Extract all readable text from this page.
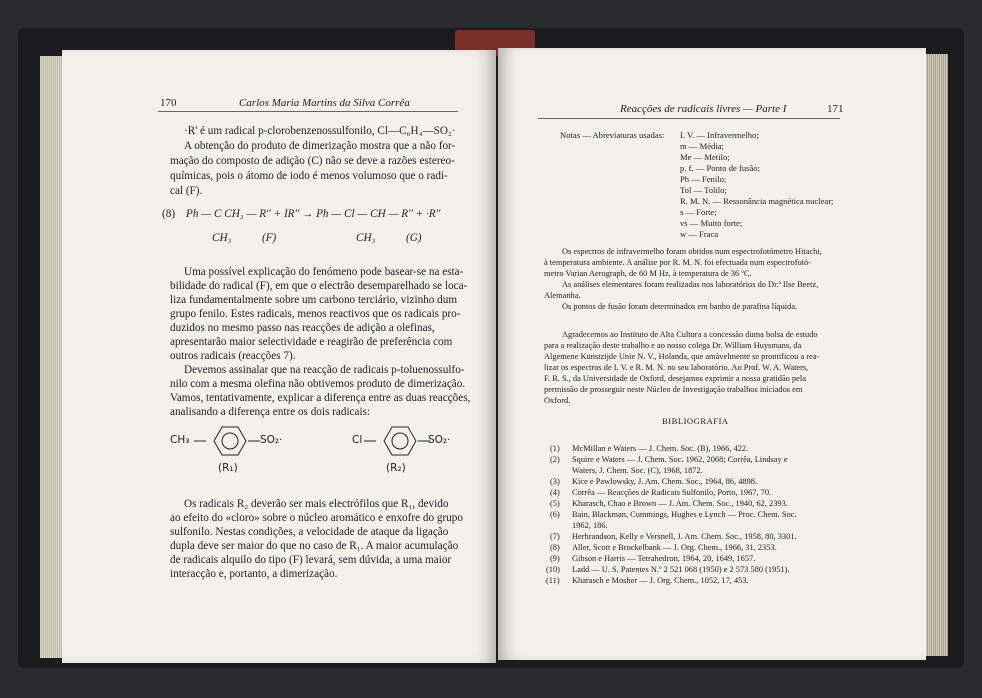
170	Carlos Maria Martins da Silva Corrêa
·R' é um radical p-clorobenzenossulfonilo, Cl—C₆H₄—SO₂·
A obtenção do produto de dimerização mostra que a não for-
mação do composto de adição (C) não se deve a razões estereo-
químicas, pois o átomo de iodo é menos volumoso que o radi-
cal (F).
(8) Ph — C CH₃ — R'' + IR'' → Ph — Cl — CH — R'' + ·R''
CH₃	(F)	CH₃	(G)
Uma possível explicação do fenómeno pode basear-se na esta-
bilidade do radical (F), em que o electrão desemparelhado se loca-
liza fundamentalmente sobre um carbono terciário, vizinho dum
grupo fenilo. Estes radicais, menos reactivos que os radicais pro-
duzidos no mesmo passo nas reacções de adição a olefinas,
apresentarão maior selectividade e reagirão de preferência com
outros radicais (reacções 7).
Devemos assinalar que na reacção de radicais p-toluenossulfo-
nilo com a mesma olefina não obtivemos produto de dimerização.
Vamos, tentativamente, explicar a diferença entre as duas reacções,
analisando a diferença entre os dois radicais:
CH₃	SO₂·
(R₁)
Cl	SO₂·
(R₂)
Os radicais R₂ deverão ser mais electrófilos que R₁, devido
ao efeito do «cloro» sobre o núcleo aromático e enxofre do grupo
sulfonilo. Nestas condições, a velocidade de ataque da ligação
dupla deve ser maior do que no caso de R₁. A maior acumulação
de radicais alquilo do tipo (F) levará, sem dúvida, a uma maior
interacção e, portanto, a dimerização.
Reacções de radicais livres — Parte I	171
Notas — Abreviaturas usadas: I. V. — Infravermelho;
m — Média;
Me — Metilo;
p. f. — Ponto de fusão;
Ph — Fenilo;
Tol — Tolilo;
R. M. N. — Ressonância magnética nuclear;
s — Forte;
vs — Muito forte;
w — Fraca
Os espectros de infravermelho foram obtidos num espectrofotómetro Hitachi,
à temperatura ambiente. A análise por R. M. N. foi efectuada num espectrofotó-
metro Varian Aerograph, de 60 M Hz, à temperatura de 36 ºC.
As análises elementares foram realizadas nos laboratórios do Dr.ª Ilse Beetz,
Alemanha.
Os pontos de fusão foram determinados em banho de parafina líquida.
Agradecemos ao Instituto de Alta Cultura a concessão duma bolsa de estudo
para a realização deste trabalho e ao nosso colega Dr. William Huysmans, da
Algemene Kunstzijde Unie N. V., Holanda, que amàvelmente se prontificou a rea-
lizar os espectros de I. V. e R. M. N. no seu laboratório. Ao Prof. W. A. Waters,
F. R. S., da Universidade de Oxford, desejamos exprimir a nossa gratidão pela
permissão de prosseguir neste Núcleo de Investigação trabalhos iniciados em
Oxford.
BIBLIOGRAFIA
(1) McMillan e Waters — J. Chem. Soc. (B), 1966, 422.
(2) Squire e Waters — J. Chem. Soc. 1962, 2068; Corrêa, Lindsay e
Waters, J. Chem. Soc. (C), 1968, 1872.
(3) Kice e Pawlowsky, J. Am. Chem. Soc., 1964, 86, 4898.
(4) Corrêa — Reacções de Radicais Sulfonilo, Porto, 1967, 70.
(5) Kharasch, Chao e Brown — J. Am. Chem. Soc., 1940, 62, 2393.
(6) Bain, Blackman, Cummings, Hughes e Lynch — Proc. Chem. Soc.
1962, 186.
(7) Herbrandson, Kelly e Versnell, J. Am. Chem. Soc., 1958, 80, 3301.
(8) Aller, Scott e Brockelbank — J. Org. Chem., 1966, 31, 2353.
(9) Gibson e Harris — Tetrahedron, 1964, 20, 1649, 1657.
(10) Ladd — U. S. Patentes N.º 2 521 068 (1950) e 2 573 580 (1951).
(11) Kharasch e Mosher — J. Org. Chem., 1052, 17, 453.
